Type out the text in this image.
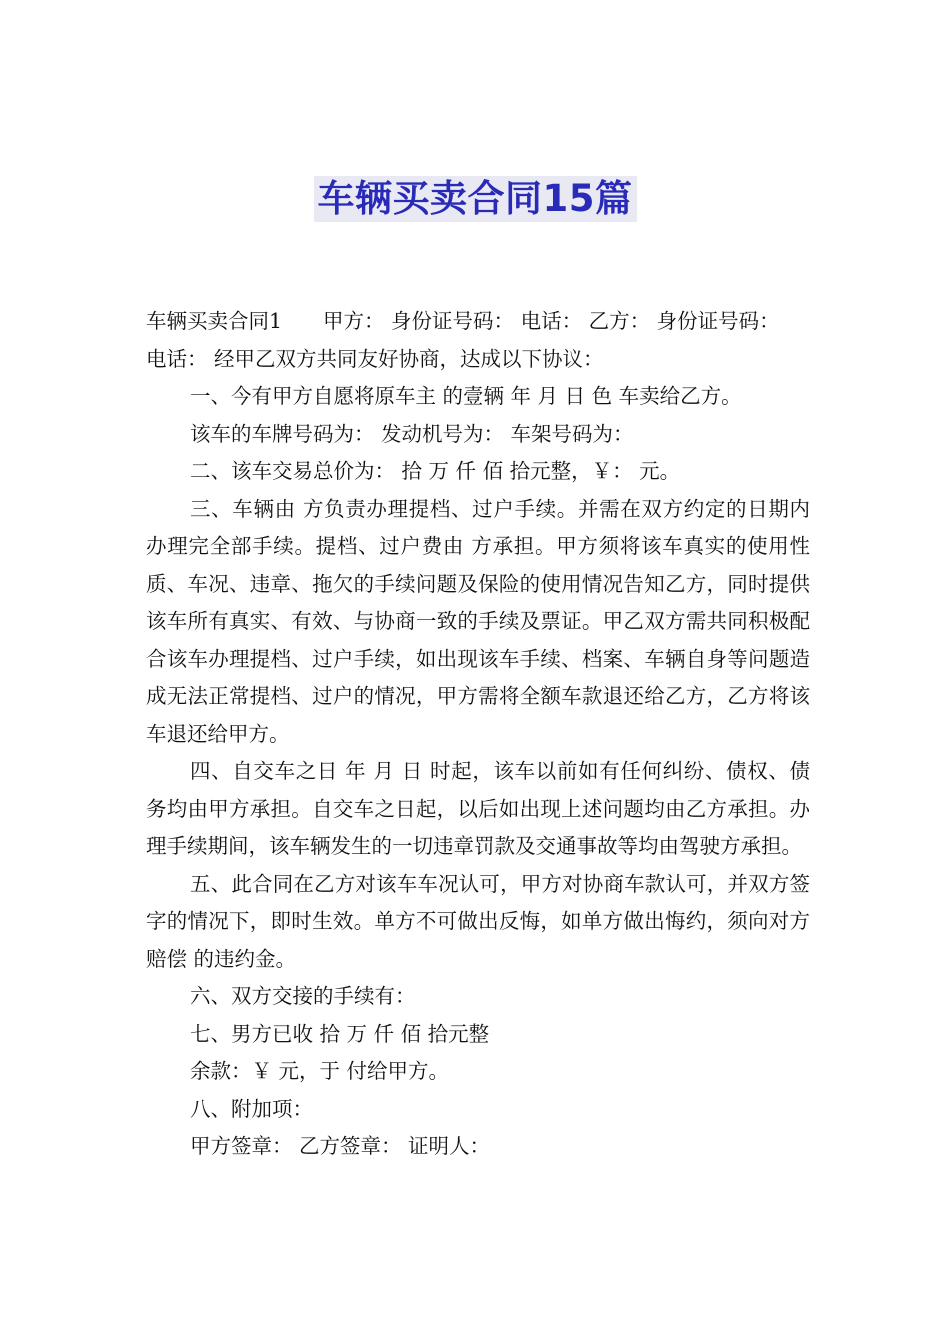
车辆买卖合同15篇
车辆买卖合同1　　甲方： 身份证号码： 电话： 乙方： 身份证号码：
电话： 经甲乙双方共同友好协商，达成以下协议：
一、今有甲方自愿将原车主 的壹辆 年 月 日 色 车卖给乙方。
该车的车牌号码为： 发动机号为： 车架号码为：
二、该车交易总价为： 拾 万 仟 佰 拾元整，￥： 元。

三、车辆由 方负责办理提档、过户手续。并需在双方约定的日期内办理完全部手续。提档、过户费由 方承担。甲方须将该车真实的使用性质、车况、违章、拖欠的手续问题及保险的使用情况告知乙方，同时提供该车所有真实、有效、与协商一致的手续及票证。甲乙双方需共同积极配合该车办理提档、过户手续，如出现该车手续、档案、车辆自身等问题造成无法正常提档、过户的情况，甲方需将全额车款退还给乙方，乙方将该车退还给甲方。

四、自交车之日 年 月 日 时起，该车以前如有任何纠纷、债权、债务均由甲方承担。自交车之日起，以后如出现上述问题均由乙方承担。办理手续期间，该车辆发生的一切违章罚款及交通事故等均由驾驶方承担。

五、此合同在乙方对该车车况认可，甲方对协商车款认可，并双方签字的情况下，即时生效。单方不可做出反悔，如单方做出悔约，须向对方赔偿 的违约金。

六、双方交接的手续有：
七、男方已收 拾 万 仟 佰 拾元整
余款：￥ 元，于 付给甲方。
八、附加项：
甲方签章： 乙方签章： 证明人：
